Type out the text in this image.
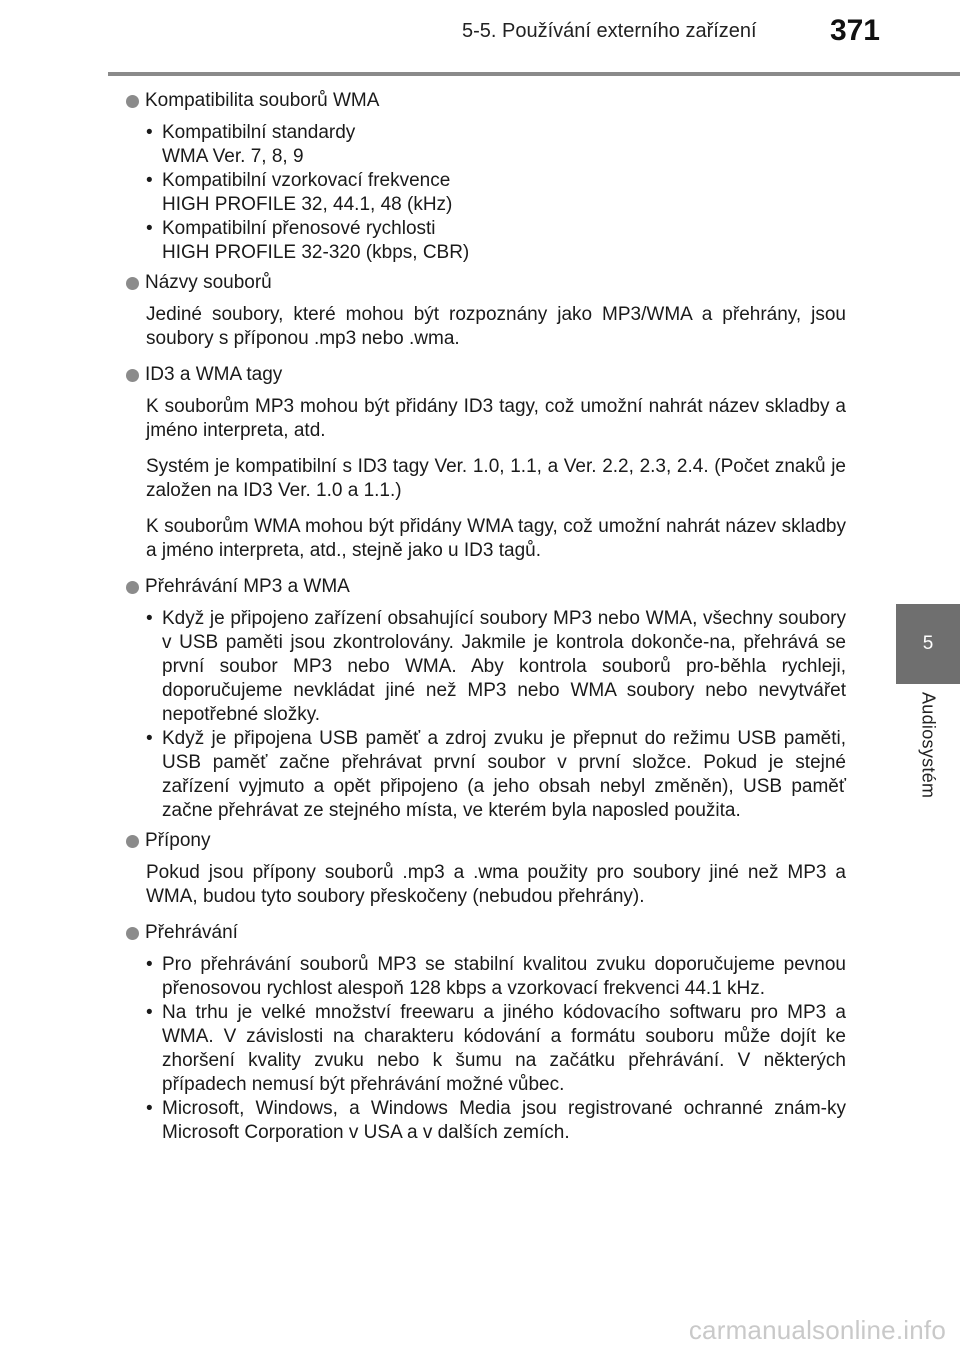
5-5. Používání externího zařízení 371
5
Audiosystém
Kompatibilita souborů WMA
• Kompatibilní standardy
WMA Ver. 7, 8, 9
• Kompatibilní vzorkovací frekvence
HIGH PROFILE 32, 44.1, 48 (kHz)
• Kompatibilní přenosové rychlosti
HIGH PROFILE 32-320 (kbps, CBR)
Názvy souborů

Jediné soubory, které mohou být rozpoznány jako MP3/WMA a přehrány, jsou soubory s příponou .mp3 nebo .wma.

ID3 a WMA tagy

K souborům MP3 mohou být přidány ID3 tagy, což umožní nahrát název skladby a jméno interpreta, atd.

Systém je kompatibilní s ID3 tagy Ver. 1.0, 1.1, a Ver. 2.2, 2.3, 2.4. (Počet znaků je založen na ID3 Ver. 1.0 a 1.1.)

K souborům WMA mohou být přidány WMA tagy, což umožní nahrát název skladby a jméno interpreta, atd., stejně jako u ID3 tagů.

Přehrávání MP3 a WMA
• Když je připojeno zařízení obsahující soubory MP3 nebo WMA, všechny soubory v USB paměti jsou zkontrolovány. Jakmile je kontrola dokonče-na, přehrává se první soubor MP3 nebo WMA. Aby kontrola souborů pro-běhla rychleji, doporučujeme nevkládat jiné než MP3 nebo WMA soubory nebo nevytvářet nepotřebné složky.
• Když je připojena USB paměť a zdroj zvuku je přepnut do režimu USB paměti, USB paměť začne přehrávat první soubor v první složce. Pokud je stejné zařízení vyjmuto a opět připojeno (a jeho obsah nebyl změněn), USB paměť začne přehrávat ze stejného místa, ve kterém byla naposled použita.
Přípony

Pokud jsou přípony souborů .mp3 a .wma použity pro soubory jiné než MP3 a WMA, budou tyto soubory přeskočeny (nebudou přehrány).

Přehrávání
• Pro přehrávání souborů MP3 se stabilní kvalitou zvuku doporučujeme pevnou přenosovou rychlost alespoň 128 kbps a vzorkovací frekvenci 44.1 kHz.
• Na trhu je velké množství freewaru a jiného kódovacího softwaru pro MP3 a WMA. V závislosti na charakteru kódování a formátu souboru může dojít ke zhoršení kvality zvuku nebo k šumu na začátku přehrávání. V některých případech nemusí být přehrávání možné vůbec.
• Microsoft, Windows, a Windows Media jsou registrované ochranné znám-ky Microsoft Corporation v USA a v dalších zemích.
carmanualsonline.info
